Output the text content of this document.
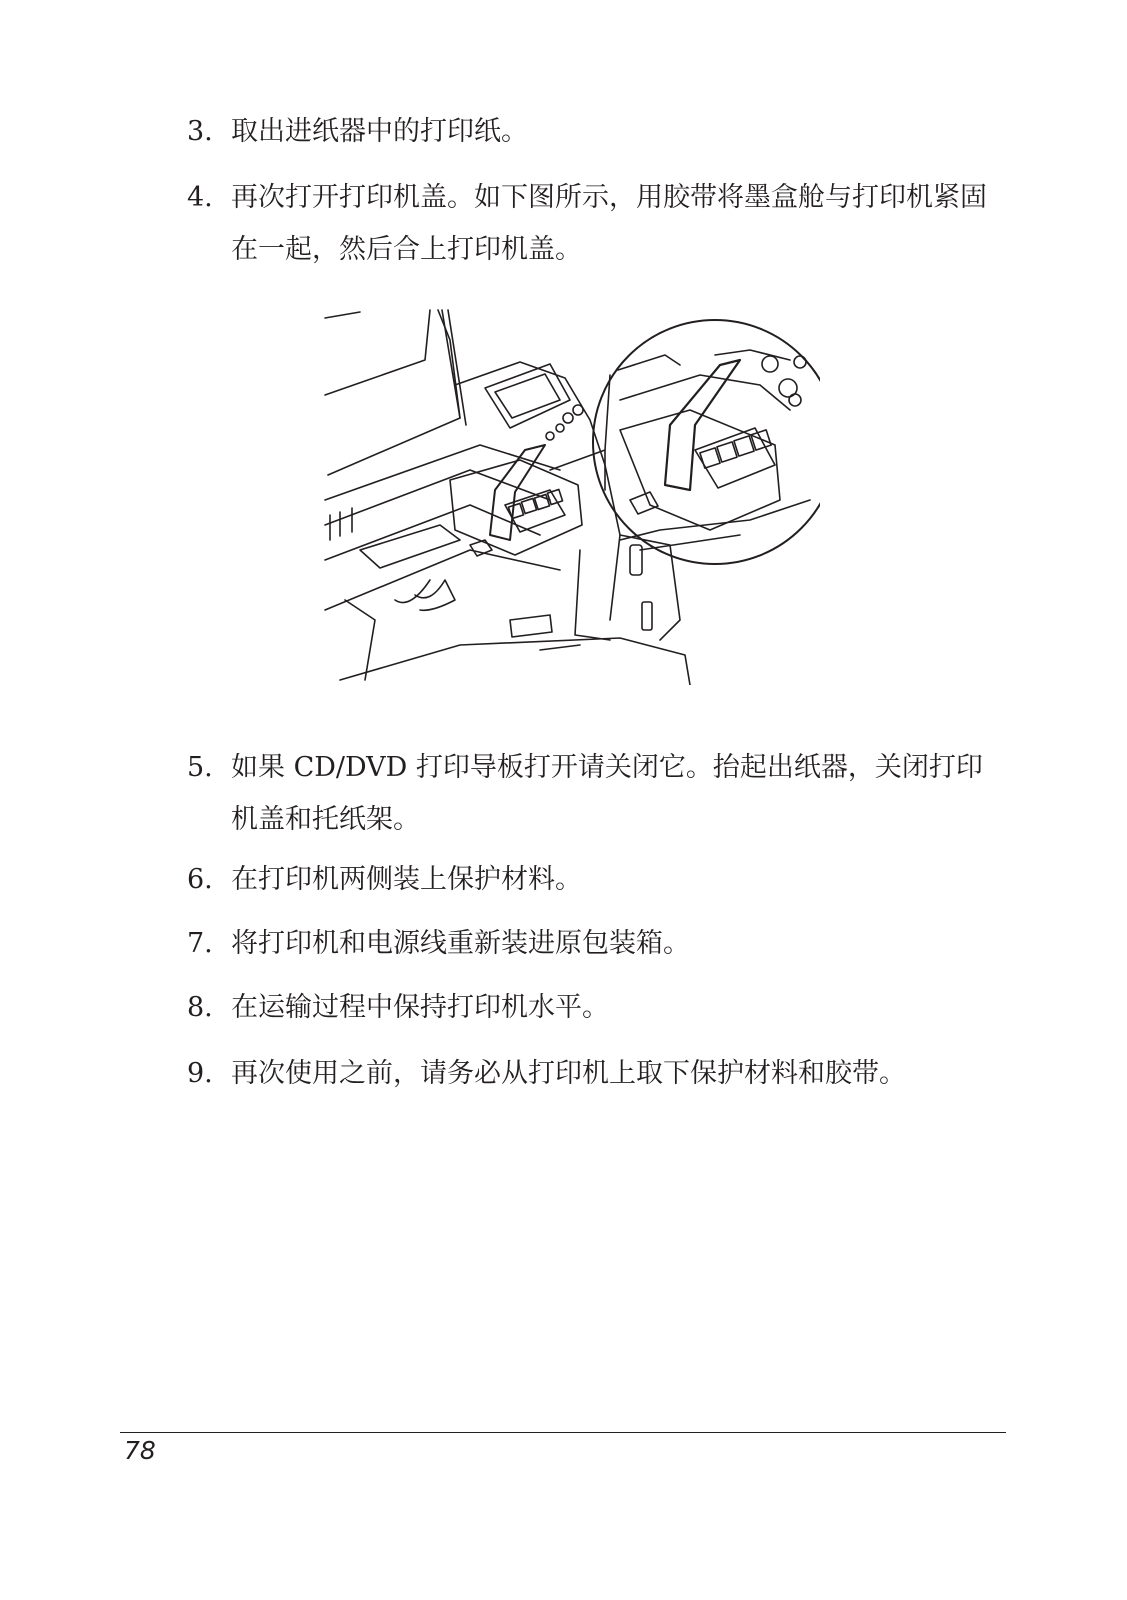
3. 取出进纸器中的打印纸。
4. 再次打开打印机盖。如下图所示，用胶带将墨盒舱与打印机紧固在一起，然后合上打印机盖。
5. 如果 CD/DVD 打印导板打开请关闭它。抬起出纸器，关闭打印机盖和托纸架。
6. 在打印机两侧装上保护材料。
7. 将打印机和电源线重新装进原包装箱。
8. 在运输过程中保持打印机水平。
9. 再次使用之前，请务必从打印机上取下保护材料和胶带。
78
